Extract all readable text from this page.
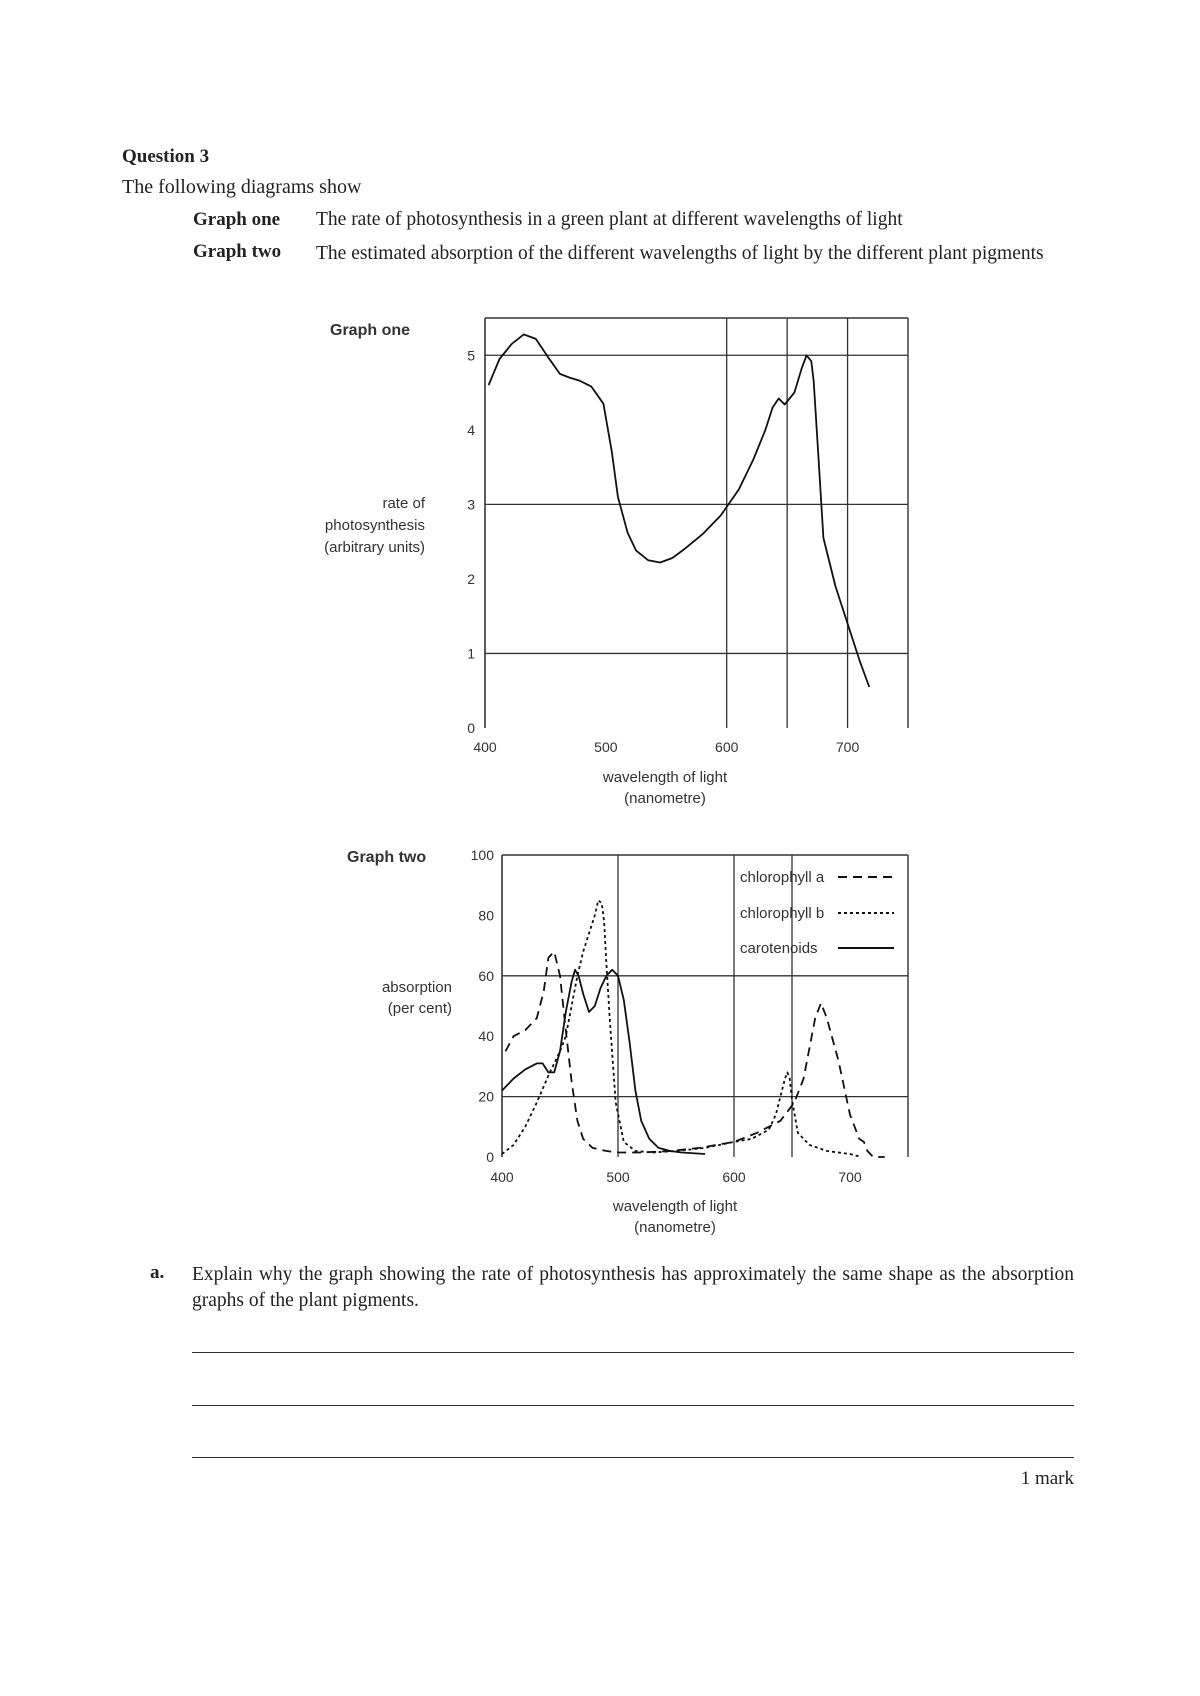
Question 3
The following diagrams show
Graph one The rate of photosynthesis in a green plant at different wavelengths of light
Graph two The estimated absorption of the different wavelengths of light by the different plant pigments
Graph one
rate of
photosynthesis
(arbitrary units)
0
1
2
3
4
5
400	500	600	700
wavelength of light
(nanometre)
Graph two
absorption
(per cent)
0
20
40
60
80
100
400	500	600	700
chlorophyll a
chlorophyll b
carotenoids
wavelength of light
(nanometre)
a. Explain why the graph showing the rate of photosynthesis has approximately the same shape as the absorption graphs of the plant pigments.
1 mark
